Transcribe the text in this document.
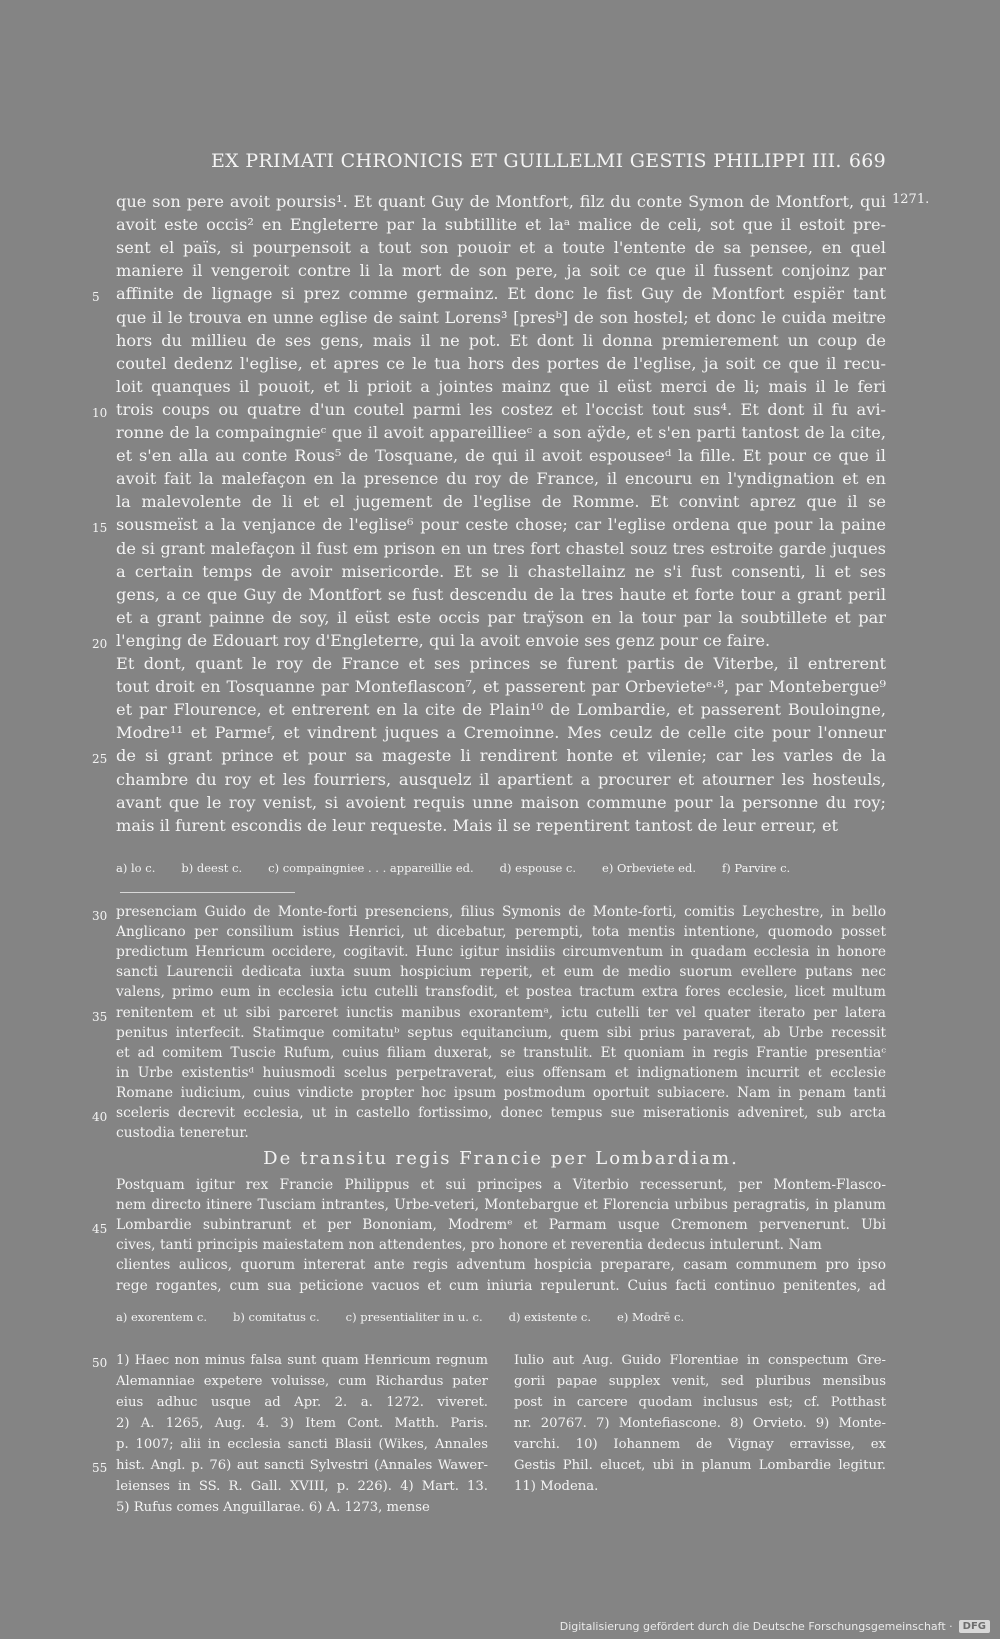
EX PRIMATI CHRONICIS ET GUILLELMI GESTIS PHILIPPI III. 669
1271.
que son pere avoit poursis¹. Et quant Guy de Montfort, filz du conte Symon de Montfort, qui
avoit este occis² en Engleterre par la subtillite et laᵃ malice de celi, sot que il estoit pre-
sent el païs, si pourpensoit a tout son pouoir et a toute l'entente de sa pensee, en quel
maniere il vengeroit contre li la mort de son pere, ja soit ce que il fussent conjoinz par
affinite de lignage si prez comme germainz. Et donc le fist Guy de Montfort espiër tant
5
que il le trouva en unne eglise de saint Lorens³ [presᵇ] de son hostel; et donc le cuida meitre
hors du millieu de ses gens, mais il ne pot. Et dont li donna premierement un coup de
coutel dedenz l'eglise, et apres ce le tua hors des portes de l'eglise, ja soit ce que il recu-
loit quanques il pouoit, et li prioit a jointes mainz que il eüst merci de li; mais il le feri
trois coups ou quatre d'un coutel parmi les costez et l'occist tout sus⁴. Et dont il fu avi-
10
ronne de la compaingnieᶜ que il avoit appareillieeᶜ a son aÿde, et s'en parti tantost de la cite,
et s'en alla au conte Rous⁵ de Tosquane, de qui il avoit espouseeᵈ la fille. Et pour ce que il
avoit fait la malefaçon en la presence du roy de France, il encouru en l'yndignation et en
la malevolente de li et el jugement de l'eglise de Romme. Et convint aprez que il se
sousmeïst a la venjance de l'eglise⁶ pour ceste chose; car l'eglise ordena que pour la paine
15
de si grant malefaçon il fust em prison en un tres fort chastel souz tres estroite garde juques
a certain temps de avoir misericorde. Et se li chastellainz ne s'i fust consenti, li et ses
gens, a ce que Guy de Montfort se fust descendu de la tres haute et forte tour a grant peril
et a grant painne de soy, il eüst este occis par traÿson en la tour par la soubtillete et par
l'enging de Edouart roy d'Engleterre, qui la avoit envoie ses genz pour ce faire.
20
Et dont, quant le roy de France et ses princes se furent partis de Viterbe, il entrerent
tout droit en Tosquanne par Monteflascon⁷, et passerent par Orbevieteᵉ·⁸, par Montebergue⁹
et par Flourence, et entrerent en la cite de Plain¹⁰ de Lombardie, et passerent Bouloingne,
Modre¹¹ et Parmeᶠ, et vindrent juques a Cremoinne. Mes ceulz de celle cite pour l'onneur
de si grant prince et pour sa mageste li rendirent honte et vilenie; car les varles de la
25
chambre du roy et les fourriers, ausquelz il apartient a procurer et atourner les hosteuls,
avant que le roy venist, si avoient requis unne maison commune pour la personne du roy;
mais il furent escondis de leur requeste. Mais il se repentirent tantost de leur erreur, et
a) lo c. b) deest c. c) compaingniee . . . appareillie ed. d) espouse c. e) Orbeviete ed. f) Parvire c.
presenciam Guido de Monte-forti presenciens, filius Symonis de Monte-forti, comitis Leychestre, in bello
30
Anglicano per consilium istius Henrici, ut dicebatur, perempti, tota mentis intentione, quomodo posset
predictum Henricum occidere, cogitavit. Hunc igitur insidiis circumventum in quadam ecclesia in honore
sancti Laurencii dedicata iuxta suum hospicium reperit, et eum de medio suorum evellere putans nec
valens, primo eum in ecclesia ictu cutelli transfodit, et postea tractum extra fores ecclesie, licet multum
renitentem et ut sibi parceret iunctis manibus exorantemᵃ, ictu cutelli ter vel quater iterato per latera
35
penitus interfecit. Statimque comitatuᵇ septus equitancium, quem sibi prius paraverat, ab Urbe recessit
et ad comitem Tuscie Rufum, cuius filiam duxerat, se transtulit. Et quoniam in regis Frantie presentiaᶜ
in Urbe existentisᵈ huiusmodi scelus perpetraverat, eius offensam et indignationem incurrit et ecclesie
Romane iudicium, cuius vindicte propter hoc ipsum postmodum oportuit subiacere. Nam in penam tanti
sceleris decrevit ecclesia, ut in castello fortissimo, donec tempus sue miserationis adveniret, sub arcta
40
custodia teneretur.
De transitu regis Francie per Lombardiam.
Postquam igitur rex Francie Philippus et sui principes a Viterbio recesserunt, per Montem-Flasco-
nem directo itinere Tusciam intrantes, Urbe-veteri, Montebargue et Florencia urbibus peragratis, in planum
Lombardie subintrarunt et per Bononiam, Modremᵉ et Parmam usque Cremonem pervenerunt. Ubi
45
cives, tanti principis maiestatem non attendentes, pro honore et reverentia dedecus intulerunt. Nam
clientes aulicos, quorum intererat ante regis adventum hospicia preparare, casam communem pro ipso
rege rogantes, cum sua peticione vacuos et cum iniuria repulerunt. Cuius facti continuo penitentes, ad
a) exorentem c. b) comitatus c. c) presentialiter in u. c. d) existente c. e) Modrē c.
1) Haec non minus falsa sunt quam Henricum regnum
50
Alemanniae expetere voluisse, cum Richardus pater
eius adhuc usque ad Apr. 2. a. 1272. viveret.
2) A. 1265, Aug. 4. 3) Item Cont. Matth. Paris.
p. 1007; alii in ecclesia sancti Blasii (Wikes, Annales
hist. Angl. p. 76) aut sancti Sylvestri (Annales Wawer-
55
leienses in SS. R. Gall. XVIII, p. 226). 4) Mart. 13.
5) Rufus comes Anguillarae. 6) A. 1273, mense
Iulio aut Aug. Guido Florentiae in conspectum Gre-
gorii papae supplex venit, sed pluribus mensibus
post in carcere quodam inclusus est; cf. Potthast
nr. 20767. 7) Montefiascone. 8) Orvieto. 9) Monte-
varchi. 10) Iohannem de Vignay erravisse, ex
Gestis Phil. elucet, ubi in planum Lombardie legitur.
11) Modena.
Digitalisierung gefördert durch die Deutsche Forschungsgemeinschaft ·	DFG
